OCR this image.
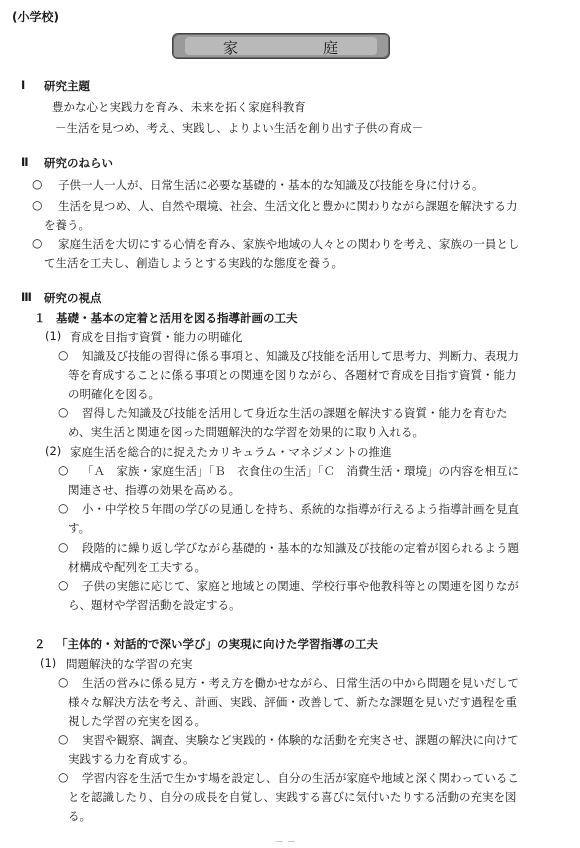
(小学校)
家	庭
Ⅰ 研究主題
豊かな心と実践力を育み、未来を拓く家庭科教育
－生活を見つめ、考え、実践し、よりよい生活を創り出す子供の育成－
Ⅱ 研究のねらい
○ 子供一人一人が、日常生活に必要な基礎的・基本的な知識及び技能を身に付ける。
○ 生活を見つめ、人、自然や環境、社会、生活文化と豊かに関わりながら課題を解決する力
を養う。
○ 家庭生活を大切にする心情を育み、家族や地域の人々との関わりを考え、家族の一員とし
て生活を工夫し、創造しようとする実践的な態度を養う。
Ⅲ 研究の視点
１ 基礎・基本の定着と活用を図る指導計画の工夫
(1) 育成を目指す資質・能力の明確化
○ 知識及び技能の習得に係る事項と、知識及び技能を活用して思考力、判断力、表現力
等を育成することに係る事項との関連を図りながら、各題材で育成を目指す資質・能力
の明確化を図る。
○ 習得した知識及び技能を活用して身近な生活の課題を解決する資質・能力を育むた
め、実生活と関連を図った問題解決的な学習を効果的に取り入れる。
(2) 家庭生活を総合的に捉えたカリキュラム・マネジメントの推進
○ 「Ａ　家族・家庭生活」「Ｂ　衣食住の生活」「Ｃ　消費生活・環境」の内容を相互に
関連させ、指導の効果を高める。
○ 小・中学校５年間の学びの見通しを持ち、系統的な指導が行えるよう指導計画を見直
す。
○ 段階的に繰り返し学びながら基礎的・基本的な知識及び技能の定着が図られるよう題
材構成や配列を工夫する。
○ 子供の実態に応じて、家庭と地域との関連、学校行事や他教科等との関連を図りなが
ら、題材や学習活動を設定する。
２ 「主体的・対話的で深い学び」の実現に向けた学習指導の工夫
(1) 問題解決的な学習の充実
○ 生活の営みに係る見方・考え方を働かせながら、日常生活の中から問題を見いだして
様々な解決方法を考え、計画、実践、評価・改善して、新たな課題を見いだす過程を重
視した学習の充実を図る。
○ 実習や観察、調査、実験など実践的・体験的な活動を充実させ、課題の解決に向けて
実践する力を育成する。
○ 学習内容を生活で生かす場を設定し、自分の生活が家庭や地域と深く関わっているこ
とを認識したり、自分の成長を自覚し、実践する喜びに気付いたりする活動の充実を図
る。
－ －
